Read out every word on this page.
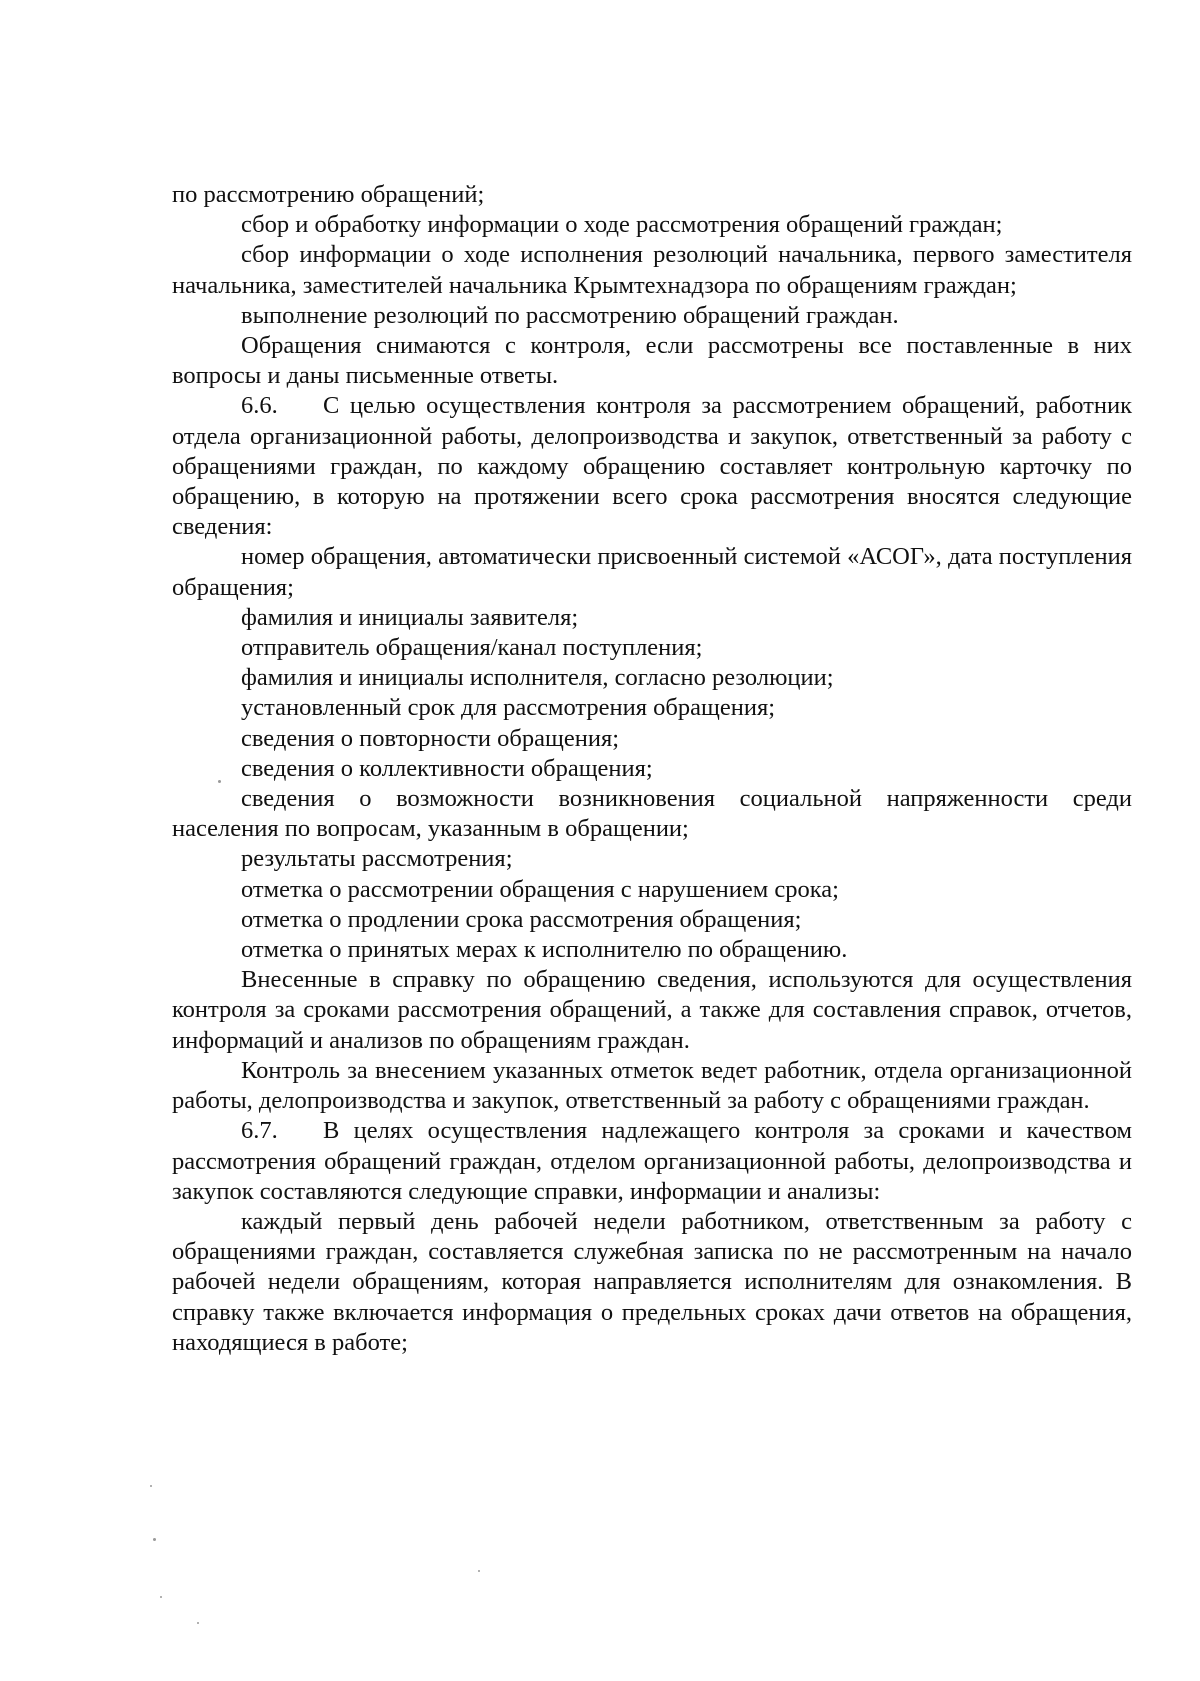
по рассмотрению обращений;

сбор и обработку информации о ходе рассмотрения обращений граждан;

сбор информации о ходе исполнения резолюций начальника, первого заместителя начальника, заместителей начальника Крымтехнадзора по обращениям граждан;

выполнение резолюций по рассмотрению обращений граждан.

Обращения снимаются с контроля, если рассмотрены все поставленные в них вопросы и даны письменные ответы.

6.6. С целью осуществления контроля за рассмотрением обращений, работник отдела организационной работы, делопроизводства и закупок, ответственный за работу с обращениями граждан, по каждому обращению составляет контрольную карточку по обращению, в которую на протяжении всего срока рассмотрения вносятся следующие сведения:

номер обращения, автоматически присвоенный системой «АСОГ», дата поступления обращения;

фамилия и инициалы заявителя;

отправитель обращения/канал поступления;

фамилия и инициалы исполнителя, согласно резолюции;

установленный срок для рассмотрения обращения;

сведения о повторности обращения;

сведения о коллективности обращения;

сведения о возможности возникновения социальной напряженности среди населения по вопросам, указанным в обращении;

результаты рассмотрения;

отметка о рассмотрении обращения с нарушением срока;

отметка о продлении срока рассмотрения обращения;

отметка о принятых мерах к исполнителю по обращению.

Внесенные в справку по обращению сведения, используются для осуществления контроля за сроками рассмотрения обращений, а также для составления справок, отчетов, информаций и анализов по обращениям граждан.

Контроль за внесением указанных отметок ведет работник, отдела организационной работы, делопроизводства и закупок, ответственный за работу с обращениями граждан.

6.7. В целях осуществления надлежащего контроля за сроками и качеством рассмотрения обращений граждан, отделом организационной работы, делопроизводства и закупок составляются следующие справки, информации и анализы:

каждый первый день рабочей недели работником, ответственным за работу с обращениями граждан, составляется служебная записка по не рассмотренным на начало рабочей недели обращениям, которая направляется исполнителям для ознакомления. В справку также включается информация о предельных сроках дачи ответов на обращения, находящиеся в работе;
